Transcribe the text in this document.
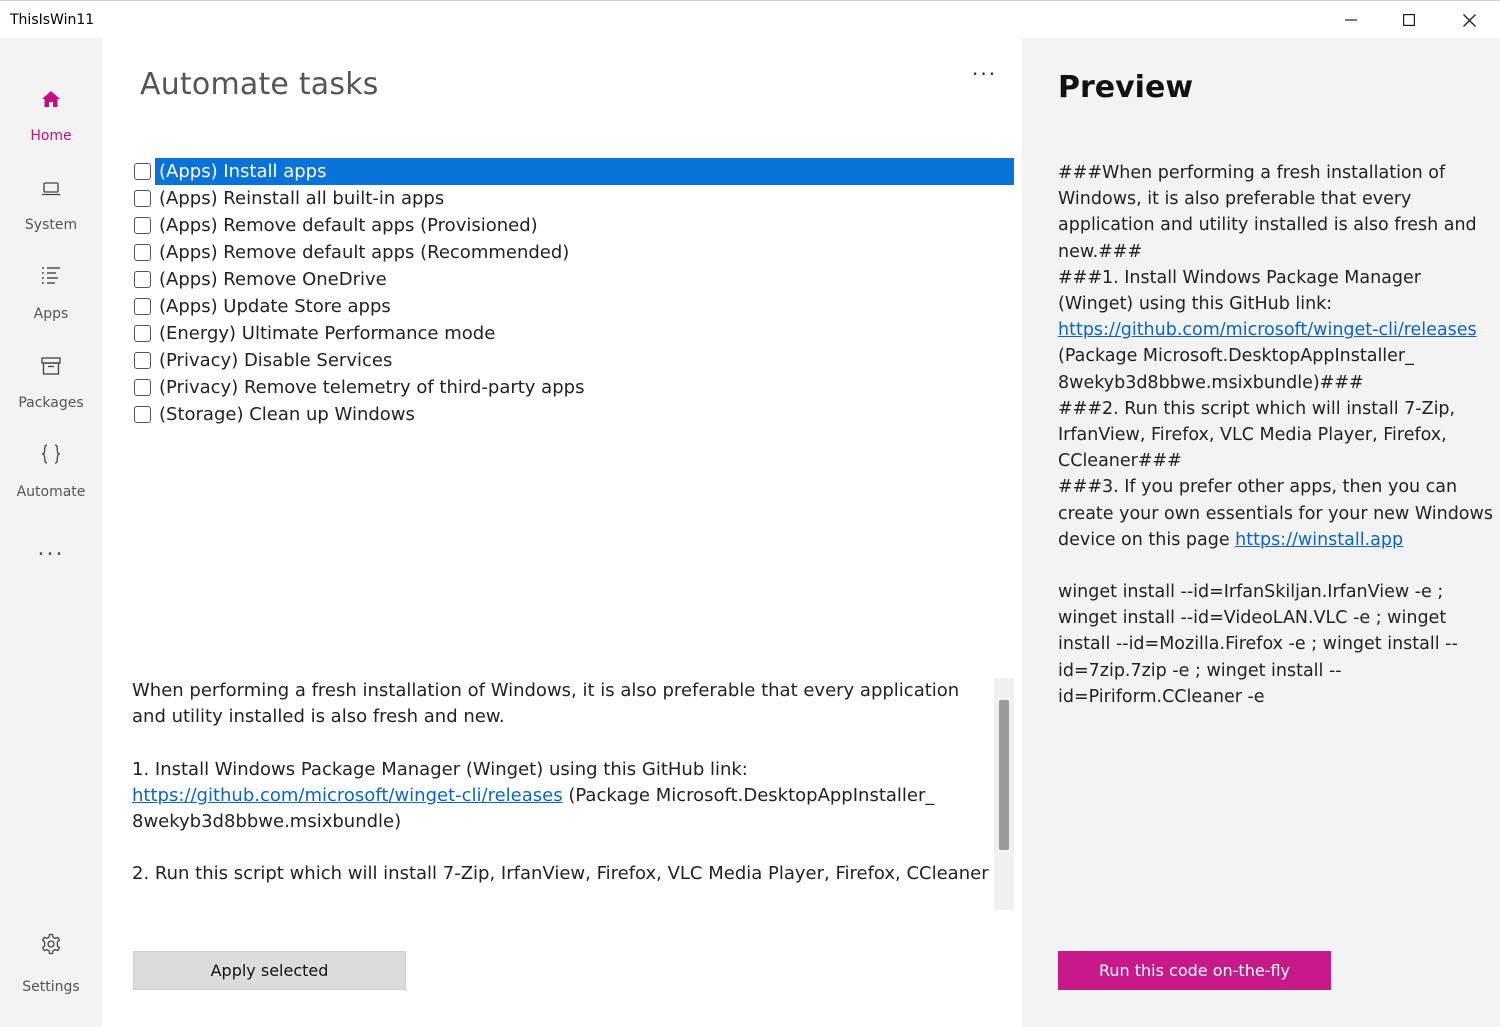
ThisIsWin11
Home
System
Apps
Packages
Automate
...
Settings
Automate tasks	...
(Apps) Install apps
(Apps) Reinstall all built-in apps
(Apps) Remove default apps (Provisioned)
(Apps) Remove default apps (Recommended)
(Apps) Remove OneDrive
(Apps) Update Store apps
(Energy) Ultimate Performance mode
(Privacy) Disable Services
(Privacy) Remove telemetry of third-party apps
(Storage) Clean up Windows

When performing a fresh installation of Windows, it is also preferable that every application and utility installed is also fresh and new.

1. Install Windows Package Manager (Winget) using this GitHub link:
https://github.com/microsoft/winget-cli/releases (Package Microsoft.DesktopAppInstaller_ 8wekyb3d8bbwe.msixbundle)

2. Run this script which will install 7-Zip, IrfanView, Firefox, VLC Media Player, Firefox, CCleaner

Apply selected
Preview
###When performing a fresh installation of Windows, it is also preferable that every application and utility installed is also fresh and new.###
###1. Install Windows Package Manager (Winget) using this GitHub link:
https://github.com/microsoft/winget-cli/releases
(Package Microsoft.DesktopAppInstaller_ 8wekyb3d8bbwe.msixbundle)###
###2. Run this script which will install 7-Zip, IrfanView, Firefox, VLC Media Player, Firefox, CCleaner###
###3. If you prefer other apps, then you can create your own essentials for your new Windows device on this page https://winstall.app
winget install --id=IrfanSkiljan.IrfanView -e ; winget install --id=VideoLAN.VLC -e ; winget install --id=Mozilla.Firefox -e ; winget install --id=7zip.7zip -e ; winget install --id=Piriform.CCleaner -e
Run this code on-the-fly
